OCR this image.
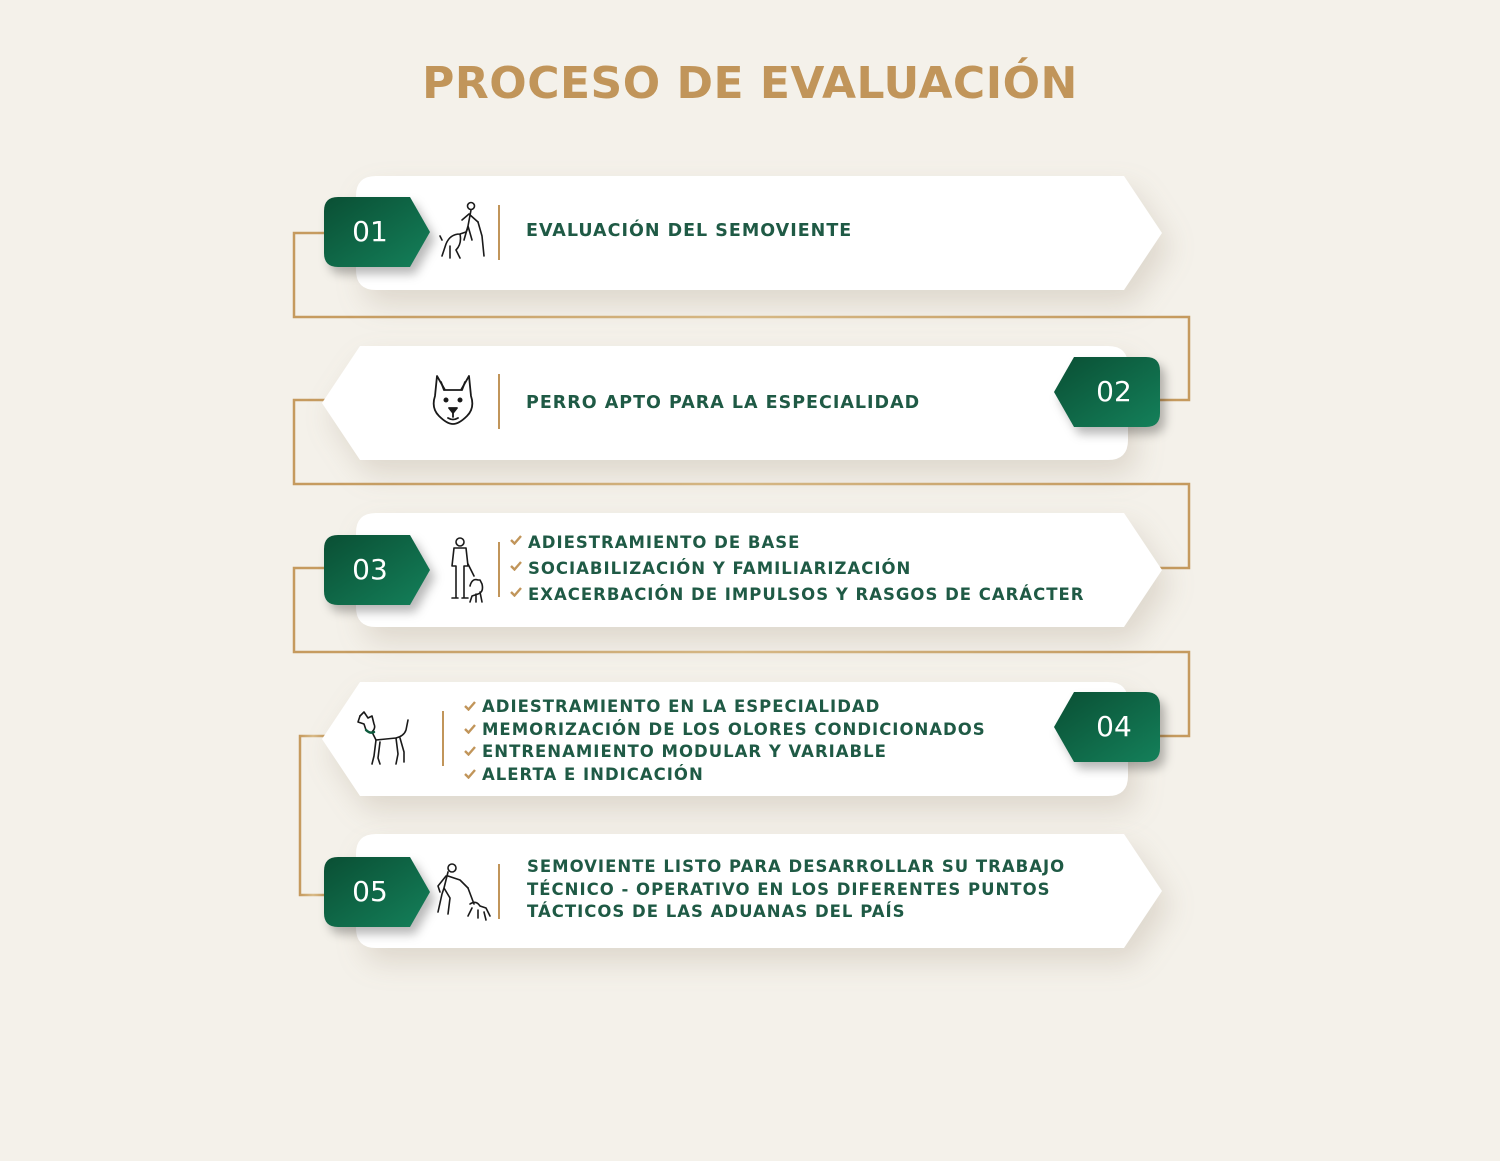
PROCESO DE EVALUACIÓN
01
02
03
04
05

EVALUACIÓN DEL SEMOVIENTE

PERRO APTO PARA LA ESPECIALIDAD

ADIESTRAMIENTO DE BASE
SOCIABILIZACIÓN Y FAMILIARIZACIÓN
EXACERBACIÓN DE IMPULSOS Y RASGOS DE CARÁCTER
ADIESTRAMIENTO EN LA ESPECIALIDAD
MEMORIZACIÓN DE LOS OLORES CONDICIONADOS
ENTRENAMIENTO MODULAR Y VARIABLE
ALERTA E INDICACIÓN

SEMOVIENTE LISTO PARA DESARROLLAR SU TRABAJO TÉCNICO - OPERATIVO EN LOS DIFERENTES PUNTOS TÁCTICOS DE LAS ADUANAS DEL PAÍS
